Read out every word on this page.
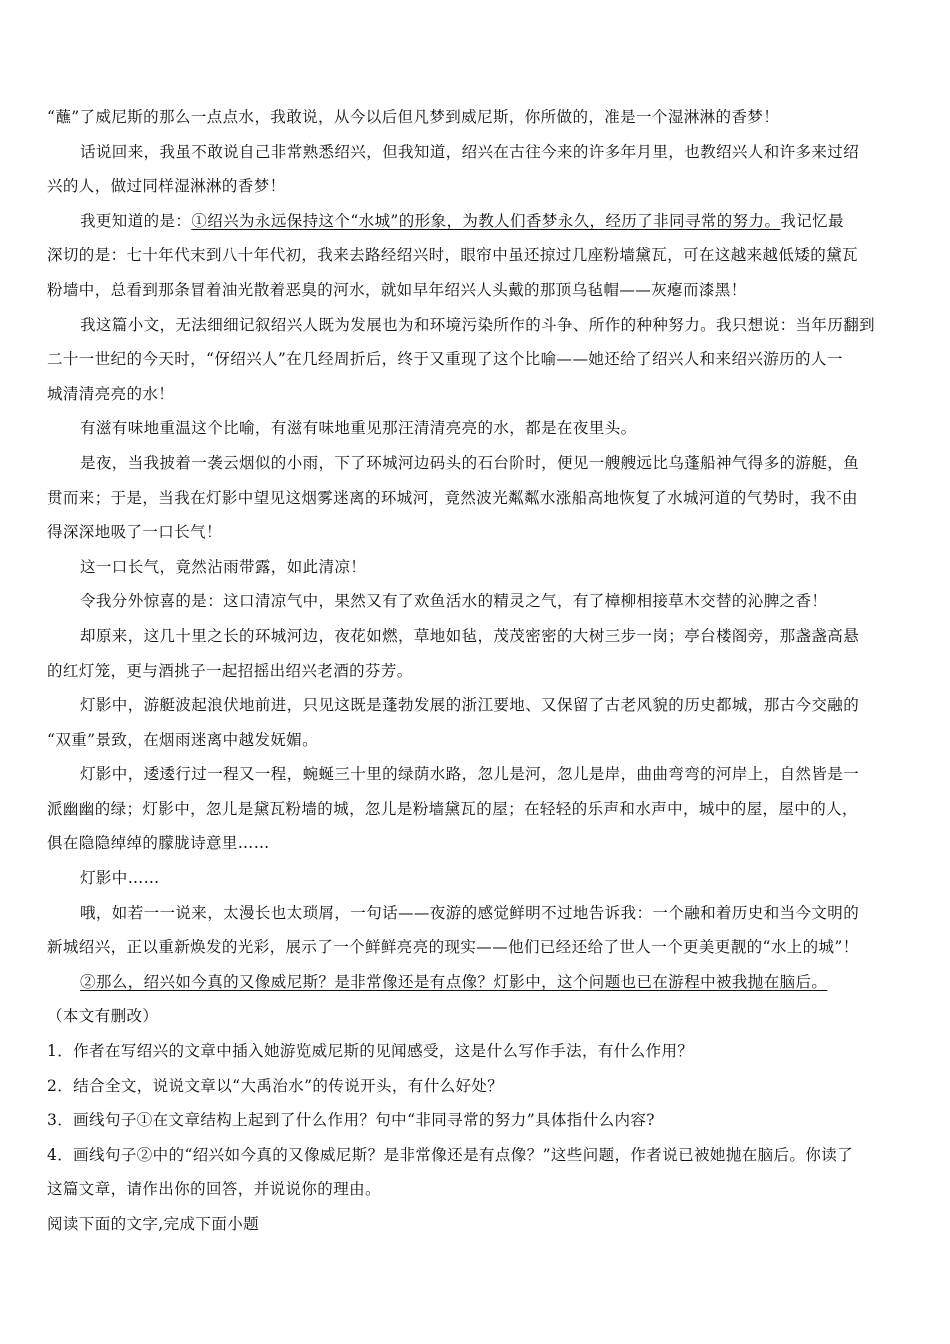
“蘸”了威尼斯的那么一点点水，我敢说，从今以后但凡梦到威尼斯，你所做的，准是一个湿淋淋的香梦！
话说回来，我虽不敢说自己非常熟悉绍兴，但我知道，绍兴在古往今来的许多年月里，也教绍兴人和许多来过绍
兴的人，做过同样湿淋淋的香梦！
我更知道的是：①绍兴为永远保持这个“水城”的形象，为教人们香梦永久，经历了非同寻常的努力。我记忆最
深切的是：七十年代末到八十年代初，我来去路经绍兴时，眼帘中虽还掠过几座粉墙黛瓦，可在这越来越低矮的黛瓦
粉墙中，总看到那条冒着油光散着恶臭的河水，就如早年绍兴人头戴的那顶乌毡帽——灰瘪而漆黑！
我这篇小文，无法细细记叙绍兴人既为发展也为和环境污染所作的斗争、所作的种种努力。我只想说：当年历翻到
二十一世纪的今天时，“伢绍兴人”在几经周折后，终于又重现了这个比喻——她还给了绍兴人和来绍兴游历的人一
城清清亮亮的水！
有滋有味地重温这个比喻，有滋有味地重见那汪清清亮亮的水，都是在夜里头。
是夜，当我披着一袭云烟似的小雨，下了环城河边码头的石台阶时，便见一艘艘远比乌蓬船神气得多的游艇，鱼
贯而来；于是，当我在灯影中望见这烟雾迷离的环城河，竟然波光粼粼水涨船高地恢复了水城河道的气势时，我不由
得深深地吸了一口长气！
这一口长气，竟然沾雨带露，如此清凉！
令我分外惊喜的是：这口清凉气中，果然又有了欢鱼活水的精灵之气，有了樟柳相接草木交替的沁脾之香！
却原来，这几十里之长的环城河边，夜花如燃，草地如毡，茂茂密密的大树三步一岗；亭台楼阁旁，那盏盏高悬
的红灯笼，更与酒挑子一起招摇出绍兴老酒的芬芳。
灯影中，游艇波起浪伏地前进，只见这既是蓬勃发展的浙江要地、又保留了古老风貌的历史都城，那古今交融的
“双重”景致，在烟雨迷离中越发妩媚。
灯影中，逶逶行过一程又一程，蜿蜒三十里的绿荫水路，忽儿是河，忽儿是岸，曲曲弯弯的河岸上，自然皆是一
派幽幽的绿；灯影中，忽儿是黛瓦粉墙的城，忽儿是粉墙黛瓦的屋；在轻轻的乐声和水声中，城中的屋，屋中的人，
俱在隐隐绰绰的朦胧诗意里……
灯影中……
哦，如若一一说来，太漫长也太琐屑，一句话——夜游的感觉鲜明不过地告诉我：一个融和着历史和当今文明的
新城绍兴，正以重新焕发的光彩，展示了一个鲜鲜亮亮的现实——他们已经还给了世人一个更美更靓的“水上的城”！
②那么，绍兴如今真的又像威尼斯？是非常像还是有点像？灯影中，这个问题也已在游程中被我抛在脑后。
（本文有删改）
1．作者在写绍兴的文章中插入她游览威尼斯的见闻感受，这是什么写作手法，有什么作用？
2．结合全文，说说文章以“大禹治水”的传说开头，有什么好处？
3．画线句子①在文章结构上起到了什么作用？句中“非同寻常的努力”具体指什么内容?
4．画线句子②中的“绍兴如今真的又像威尼斯？是非常像还是有点像？”这些问题，作者说已被她抛在脑后。你读了
这篇文章，请作出你的回答，并说说你的理由。
阅读下面的文字,完成下面小题
